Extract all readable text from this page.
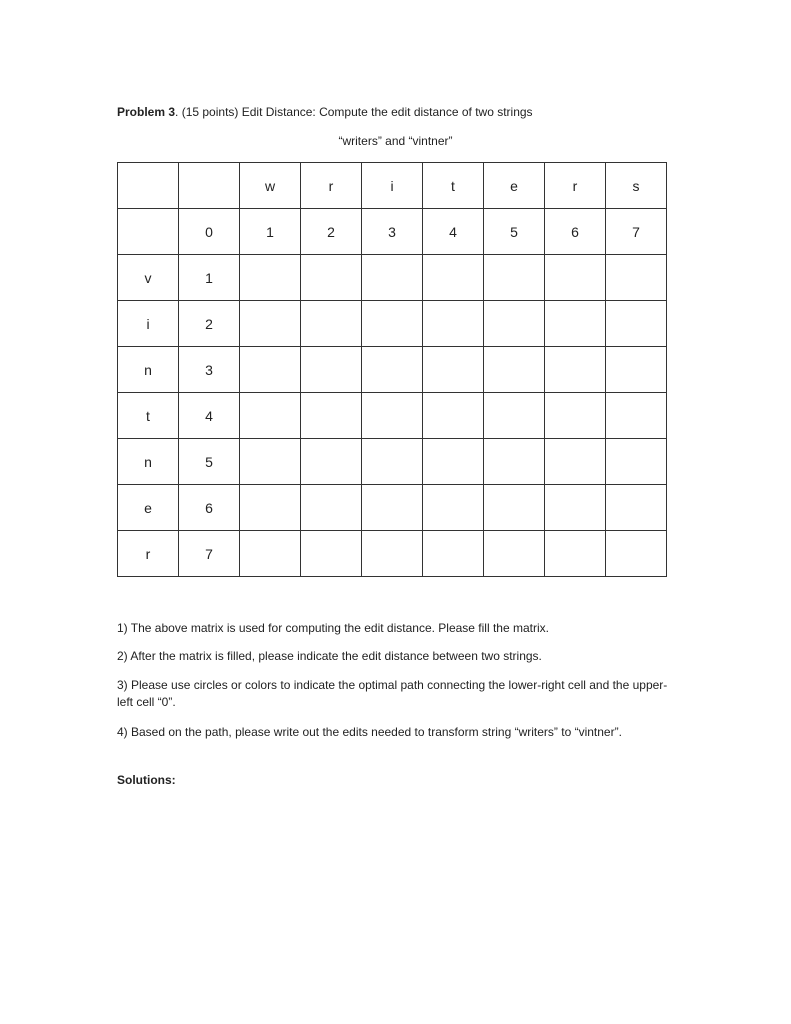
Problem 3. (15 points) Edit Distance: Compute the edit distance of two strings
“writers” and “vintner”
		w	r	i	t	e	r	s
	0	1	2	3	4	5	6	7
v	1							
i	2							
n	3							
t	4							
n	5							
e	6							
r	7							
1) The above matrix is used for computing the edit distance. Please fill the matrix.
2) After the matrix is filled, please indicate the edit distance between two strings.
3) Please use circles or colors to indicate the optimal path connecting the lower-right cell and the upper-left cell “0”.
4) Based on the path, please write out the edits needed to transform string “writers” to “vintner”.
Solutions:
